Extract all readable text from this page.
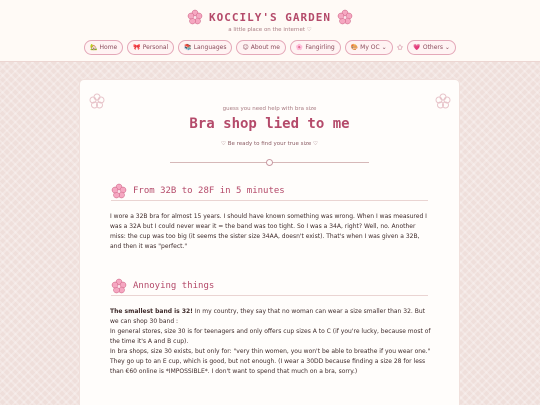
KOCCILY'S GARDEN
a little place on the internet ♡
🏡 Home	🎀 Personal	📚 Languages	😊 About me	🌸 Fangirling	🎨 My OC ⌄ ✩ 💗 Others ⌄
guess you need help with bra size
Bra shop lied to me
♡ Be ready to find your true size ♡
From 32B to 28F in 5 minutes

I wore a 32B bra for almost 15 years. I should have known something was wrong. When I was measured I was a 32A but I could never wear it = the band was too tight. So I was a 34A, right? Well, no. Another miss: the cup was too big (it seems the sister size 34AA, doesn't exist). That's when I was given a 32B, and then it was "perfect."

Annoying things

The smallest band is 32! In my country, they say that no woman can wear a size smaller than 32. But we can shop 30 band :

In general stores, size 30 is for teenagers and only offers cup sizes A to C (if you're lucky, because most of the time it's A and B cup).

In bra shops, size 30 exists, but only for: "very thin women, you won't be able to breathe if you wear one." They go up to an E cup, which is good, but not enough. (I wear a 30DD because finding a size 28 for less than €60 online is *IMPOSSIBLE*. I don't want to spend that much on a bra, sorry.)
